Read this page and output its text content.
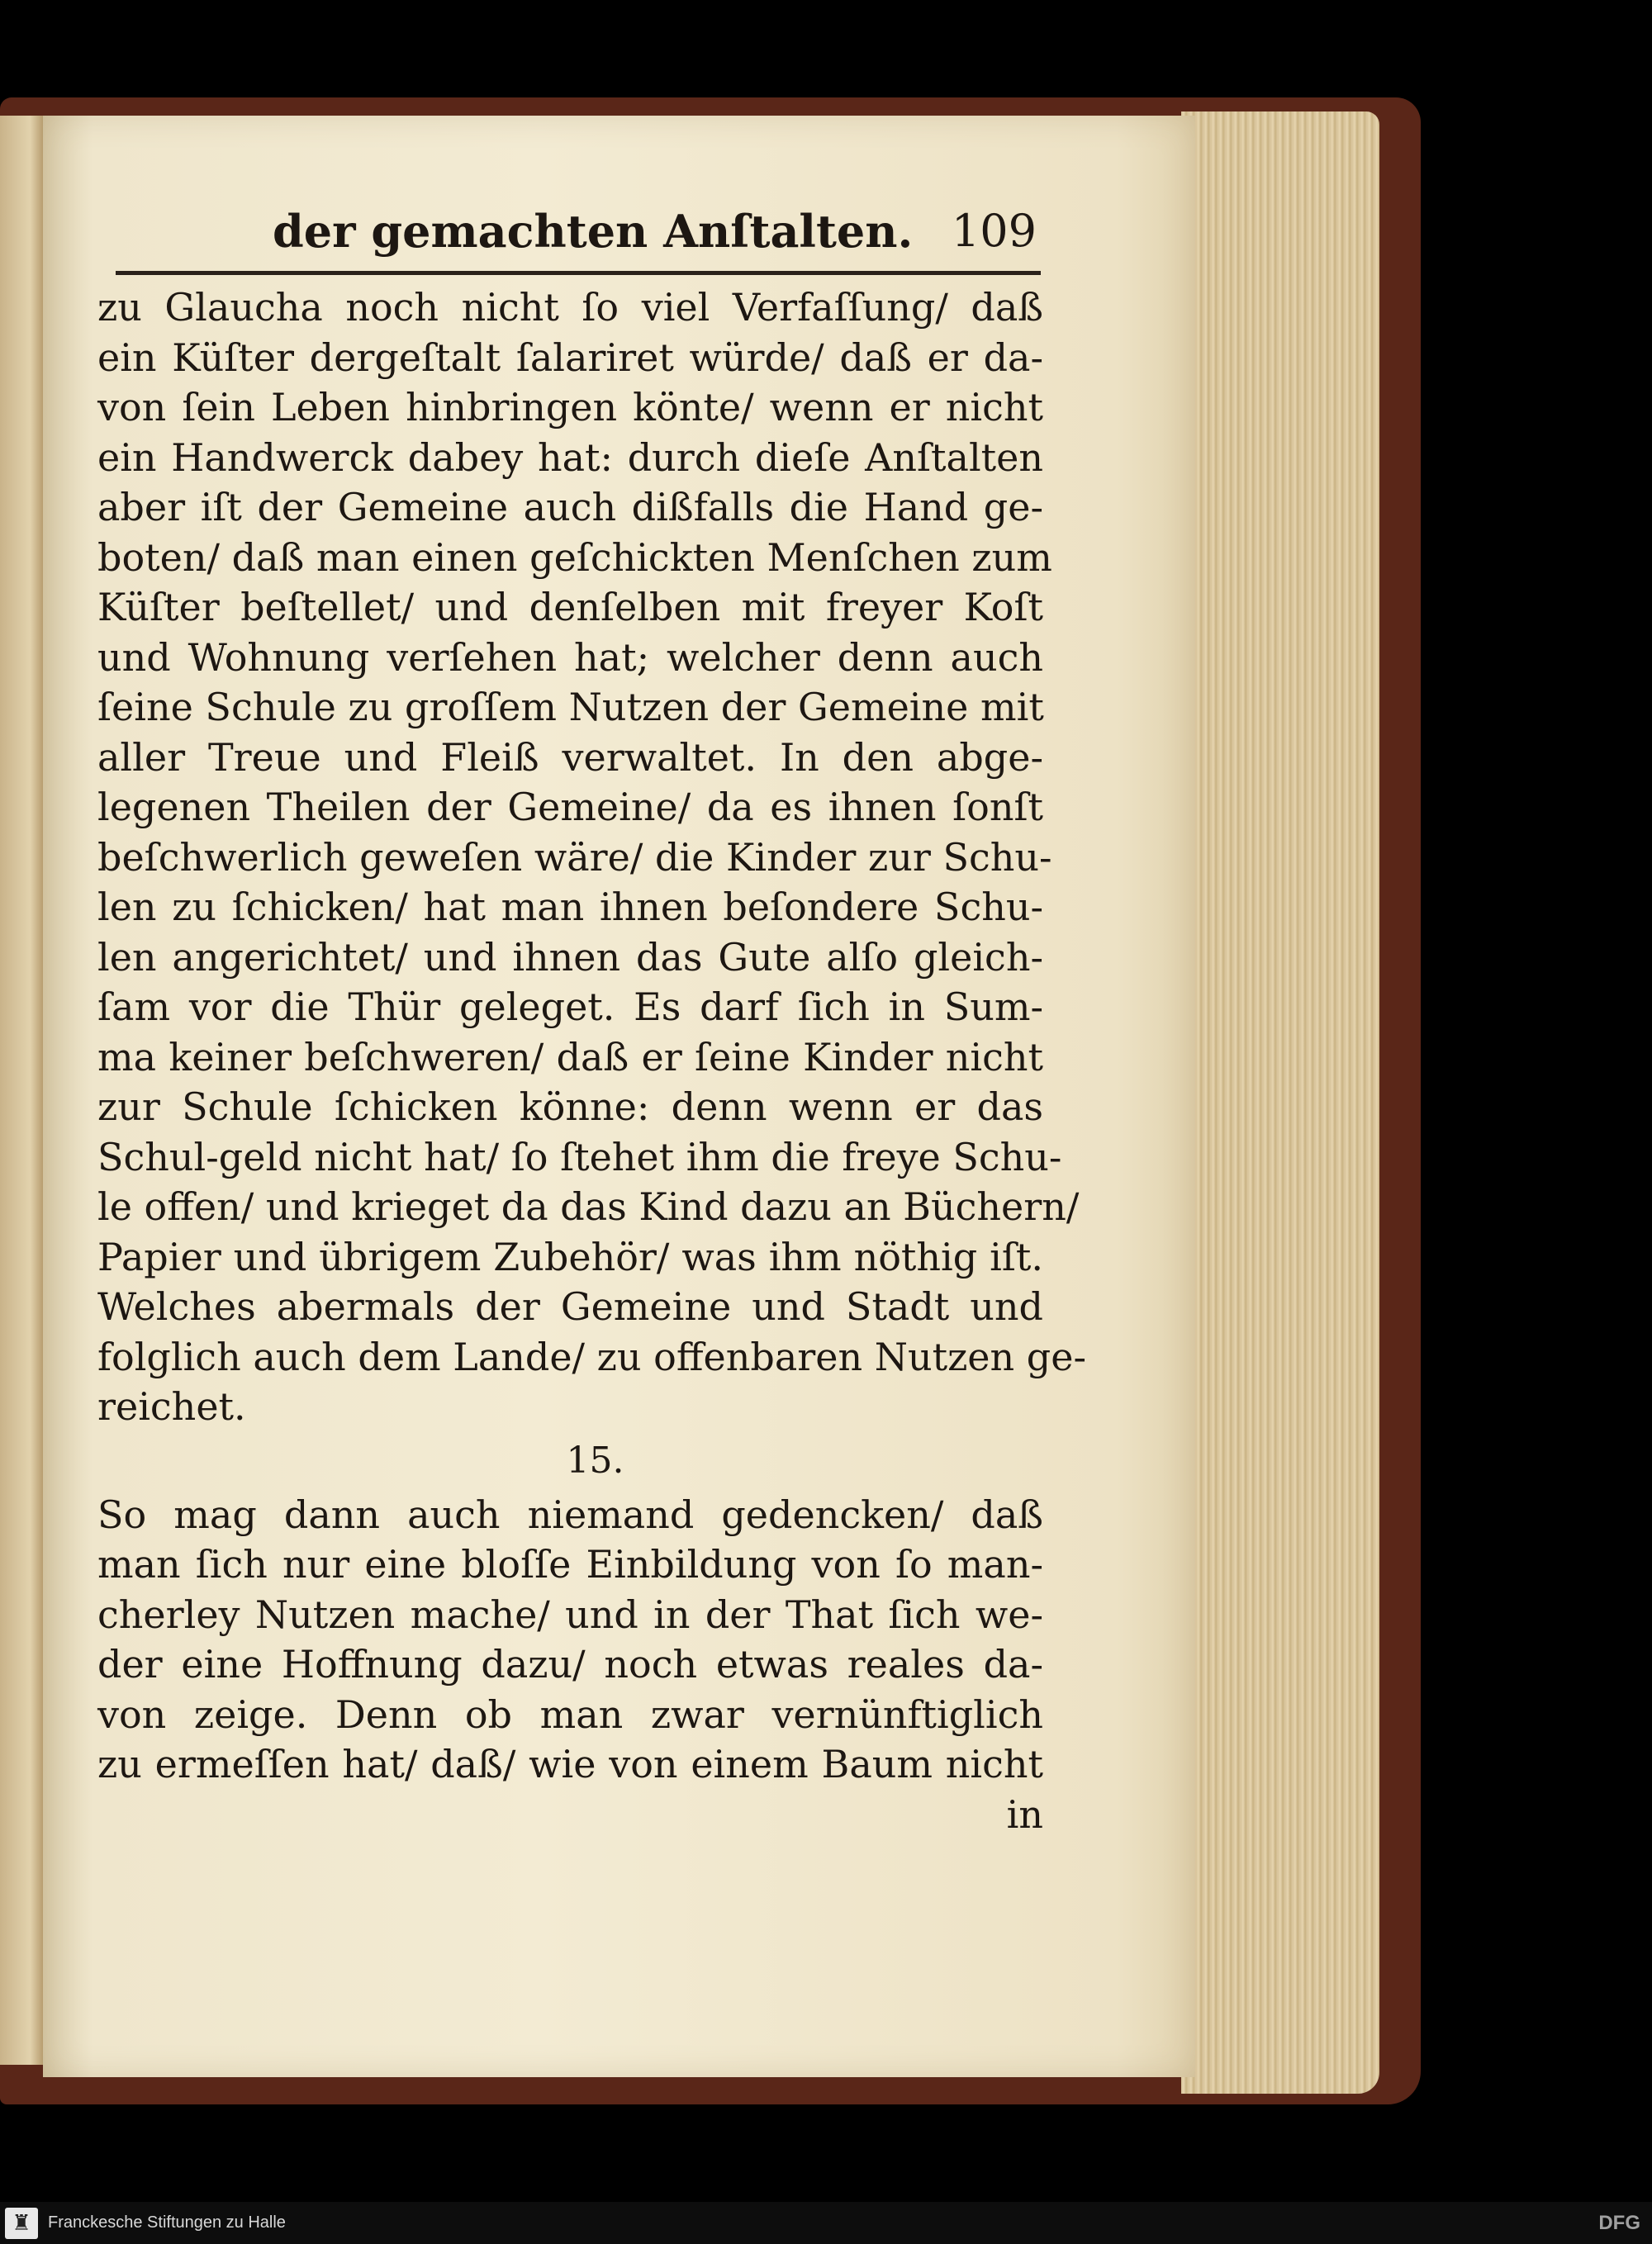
der gemachten Anſtalten. 109
zu Glaucha noch nicht ſo viel Verfaſſung/ daß
ein Küſter dergeſtalt ſalariret würde/ daß er da-
von ſein Leben hinbringen könte/ wenn er nicht
ein Handwerck dabey hat: durch dieſe Anſtalten
aber iſt der Gemeine auch dißfalls die Hand ge-
boten/ daß man einen geſchickten Menſchen zum
Küſter beſtellet/ und denſelben mit freyer Koſt
und Wohnung verſehen hat; welcher denn auch
ſeine Schule zu groſſem Nutzen der Gemeine mit
aller Treue und Fleiß verwaltet. In den abge-
legenen Theilen der Gemeine/ da es ihnen ſonſt
beſchwerlich geweſen wäre/ die Kinder zur Schu-
len zu ſchicken/ hat man ihnen beſondere Schu-
len angerichtet/ und ihnen das Gute alſo gleich-
ſam vor die Thür geleget. Es darf ſich in Sum-
ma keiner beſchweren/ daß er ſeine Kinder nicht
zur Schule ſchicken könne: denn wenn er das
Schul-geld nicht hat/ ſo ſtehet ihm die freye Schu-
le offen/ und krieget da das Kind dazu an Büchern/
Papier und übrigem Zubehör/ was ihm nöthig iſt.
Welches abermals der Gemeine und Stadt und
folglich auch dem Lande/ zu offenbaren Nutzen ge-
reichet.
15.
So mag dann auch niemand gedencken/ daß
man ſich nur eine bloſſe Einbildung von ſo man-
cherley Nutzen mache/ und in der That ſich we-
der eine Hoffnung dazu/ noch etwas reales da-
von zeige. Denn ob man zwar vernünftiglich
zu ermeſſen hat/ daß/ wie von einem Baum nicht
in
♜	Franckesche Stiftungen zu Halle	DFG
